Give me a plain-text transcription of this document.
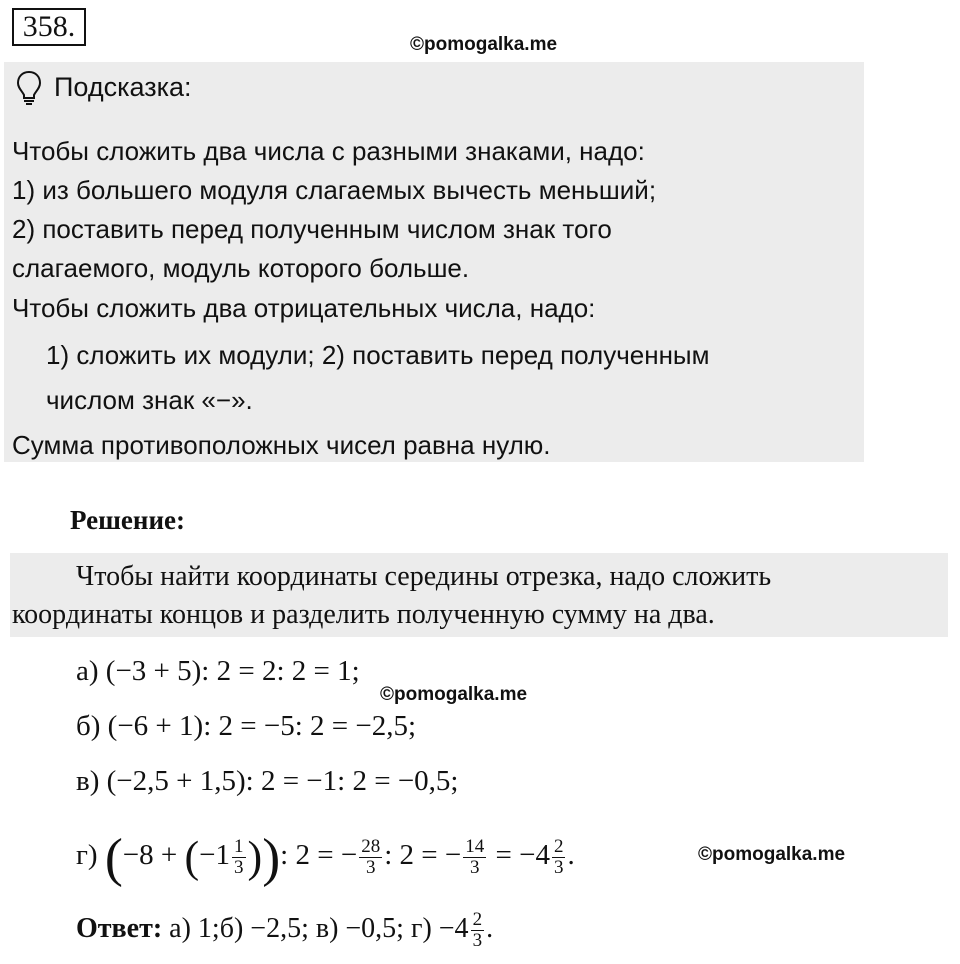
358.
©pomogalka.me
Подсказка:
Чтобы сложить два числа с разными знаками, надо:
1) из большего модуля слагаемых вычесть меньший;
2) поставить перед полученным числом знак того
слагаемого, модуль которого больше.
Чтобы сложить два отрицательных числа, надо:
1) сложить их модули; 2) поставить перед полученным
числом знак «−».
Сумма противоположных чисел равна нулю.
Решение:
Чтобы найти координаты середины отрезка, надо сложить
координаты концов и разделить полученную сумму на два.
а) (−3 + 5): 2 = 2: 2 = 1;
©pomogalka.me
б) (−6 + 1): 2 = −5: 2 = −2,5;
в) (−2,5 + 1,5): 2 = −1: 2 = −0,5;
г) ($-8 + (-1 \frac{1}{3}$ )): 2 = − $\frac{28}{3}$ : 2 = − $\frac{14}{3} = -4 \frac{2}{3}$ .	©pomogalka.me
Ответ: а) 1;б) −2,5; в) −0,5; $г) -4 \frac{2}{3}$ .
